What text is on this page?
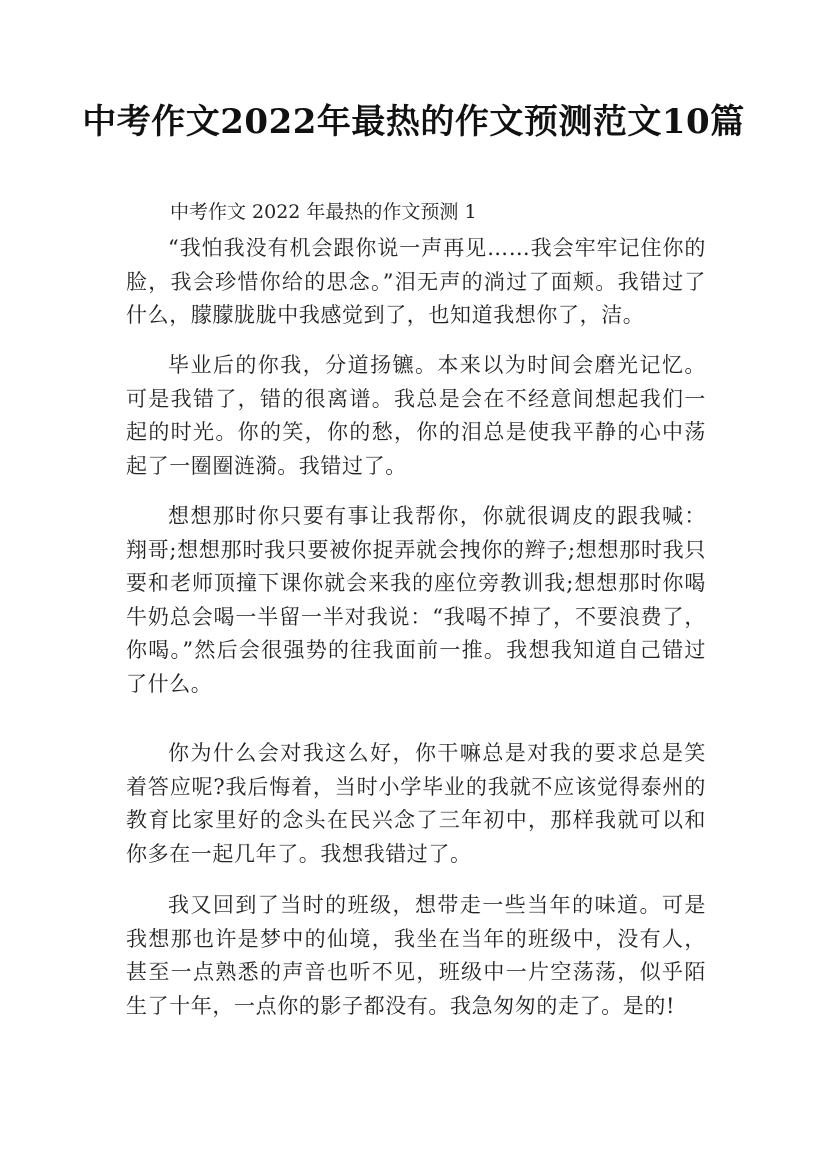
中考作文2022年最热的作文预测范文10篇

中考作文 2022 年最热的作文预测 1

“我怕我没有机会跟你说一声再见……我会牢牢记住你的脸，我会珍惜你给的思念。”泪无声的淌过了面颊。我错过了什么，朦朦胧胧中我感觉到了，也知道我想你了，洁。

毕业后的你我，分道扬镳。本来以为时间会磨光记忆。可是我错了，错的很离谱。我总是会在不经意间想起我们一起的时光。你的笑，你的愁，你的泪总是使我平静的心中荡起了一圈圈涟漪。我错过了。

想想那时你只要有事让我帮你，你就很调皮的跟我喊：翔哥;想想那时我只要被你捉弄就会拽你的辫子;想想那时我只要和老师顶撞下课你就会来我的座位旁教训我;想想那时你喝牛奶总会喝一半留一半对我说：“我喝不掉了，不要浪费了，你喝。”然后会很强势的往我面前一推。我想我知道自己错过了什么。

你为什么会对我这么好，你干嘛总是对我的要求总是笑着答应呢?我后悔着，当时小学毕业的我就不应该觉得泰州的教育比家里好的念头在民兴念了三年初中，那样我就可以和你多在一起几年了。我想我错过了。

我又回到了当时的班级，想带走一些当年的味道。可是我想那也许是梦中的仙境，我坐在当年的班级中，没有人，甚至一点熟悉的声音也听不见，班级中一片空荡荡，似乎陌生了十年，一点你的影子都没有。我急匆匆的走了。是的!
